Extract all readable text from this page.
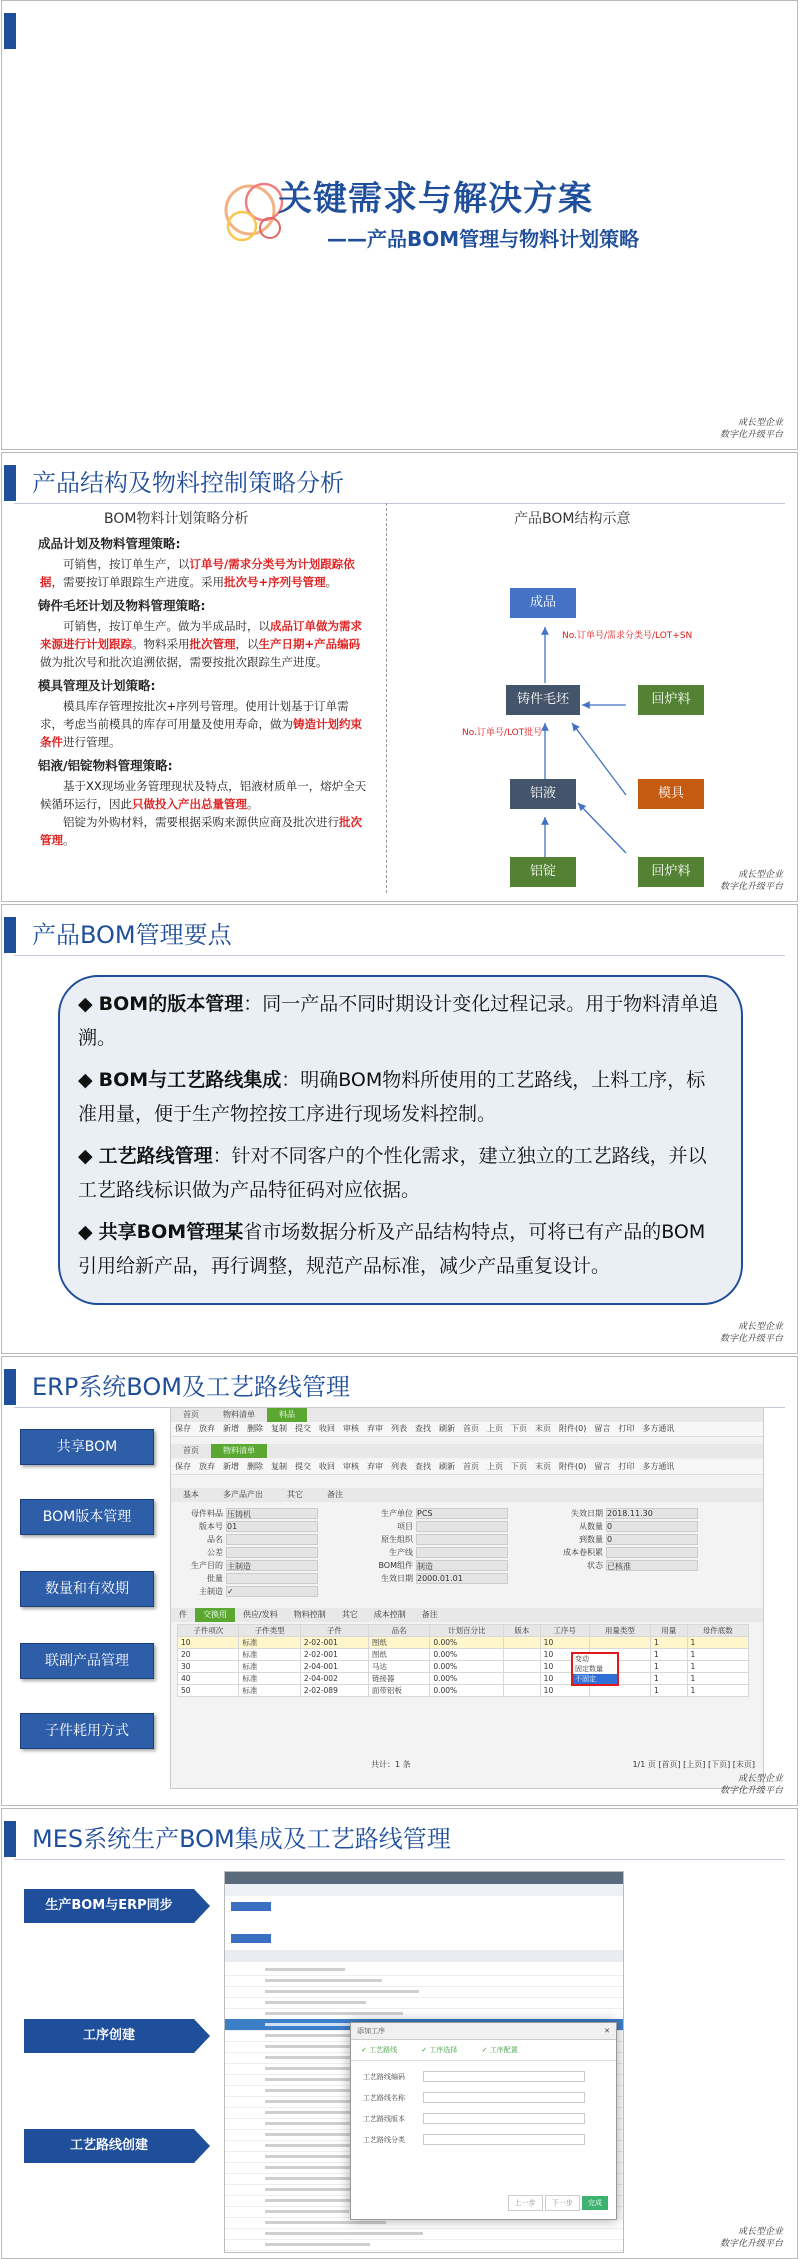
关键需求与解决方案
——产品BOM管理与物料计划策略
成长型企业
数字化升级平台
产品结构及物料控制策略分析
BOM物料计划策略分析	产品BOM结构示意
成品计划及物料管理策略:

可销售，按订单生产，以订单号/需求分类号为计划跟踪依据，需要按订单跟踪生产进度。采用批次号+序列号管理。

铸件毛坯计划及物料管理策略:

可销售，按订单生产。做为半成品时，以成品订单做为需求来源进行计划跟踪。物料采用批次管理，以生产日期+产品编码做为批次号和批次追溯依据，需要按批次跟踪生产进度。

模具管理及计划策略:

模具库存管理按批次+序列号管理。使用计划基于订单需求，考虑当前模具的库存可用量及使用寿命，做为铸造计划约束条件进行管理。

铝液/铝锭物料管理策略:

基于XX现场业务管理现状及特点，铝液材质单一，熔炉全天候循环运行，因此只做投入产出总量管理。

铝锭为外购材料，需要根据采购来源供应商及批次进行批次管理。

成品
铸件毛坯	回炉料
铝液	模具
铝锭	回炉料
No.订单号/需求分类号/LOT+SN
No.订单号/LOT批号
成长型企业
数字化升级平台
产品BOM管理要点
◆ BOM的版本管理：同一产品不同时期设计变化过程记录。用于物料清单追溯。
◆ BOM与工艺路线集成：明确BOM物料所使用的工艺路线，上料工序，标准用量，便于生产物控按工序进行现场发料控制。
◆ 工艺路线管理：针对不同客户的个性化需求，建立独立的工艺路线，并以工艺路线标识做为产品特征码对应依据。
◆ 共享BOM管理某省市场数据分析及产品结构特点，可将已有产品的BOM引用给新产品，再行调整，规范产品标准，减少产品重复设计。
成长型企业
数字化升级平台
ERP系统BOM及工艺路线管理
共享BOM
BOM版本管理
数量和有效期
联副产品管理
子件耗用方式
首页	物料清单	料品
保存 放弃 新增 删除 复制 提交 收回 审核 弃审 列表 查找 刷新 首页 上页 下页 末页 附件(0) 留言 打印 多方通讯
首页	物料清单
保存 放弃 新增 删除 复制 提交 收回 审核 弃审 列表 查找 刷新 首页 上页 下页 末页 附件(0) 留言 打印 多方通讯
基本	多产品产出	其它	备注
母件料品 压铸机
版本号 01
品名
公差
生产目的 主制造
批量
主制造 ✓
生产单位 PCS
项目
原生组织
生产线
BOM组件 制造
生效日期 2000.01.01
失效日期 2018.11.30
从数量 0
到数量 0
成本卷积累
状态 已核准
件 交换用 供应/发料 物料控制 其它 成本控制 备注
子件项次	子件类型	子件	品名	计划百分比	版本	工序号	用量类型	用量	母件底数
10	标准	2-02-001	图纸	0.00%		10		1	1
20	标准	2-02-001	图纸	0.00%		10		1	1
30	标准	2-04-001	马达	0.00%		10		1	1
40	标准	2-04-002	链接器	0.00%		10		1	1
50	标准	2-02-089	面带铝板	0.00%		10		1	1
变动
固定数量
不固定
共计：1 条	1/1 页 [首页] [上页] [下页] [末页]
成长型企业
数字化升级平台
MES系统生产BOM集成及工艺路线管理
生产BOM与ERP同步
工序创建
工艺路线创建
添加工序	✕
✓ 工艺路线	✓ 工序选择	✓ 工序配置
工艺路线编码
工艺路线名称
工艺路线版本
工艺路线分类
上一步 下一步 完成
成长型企业
数字化升级平台
